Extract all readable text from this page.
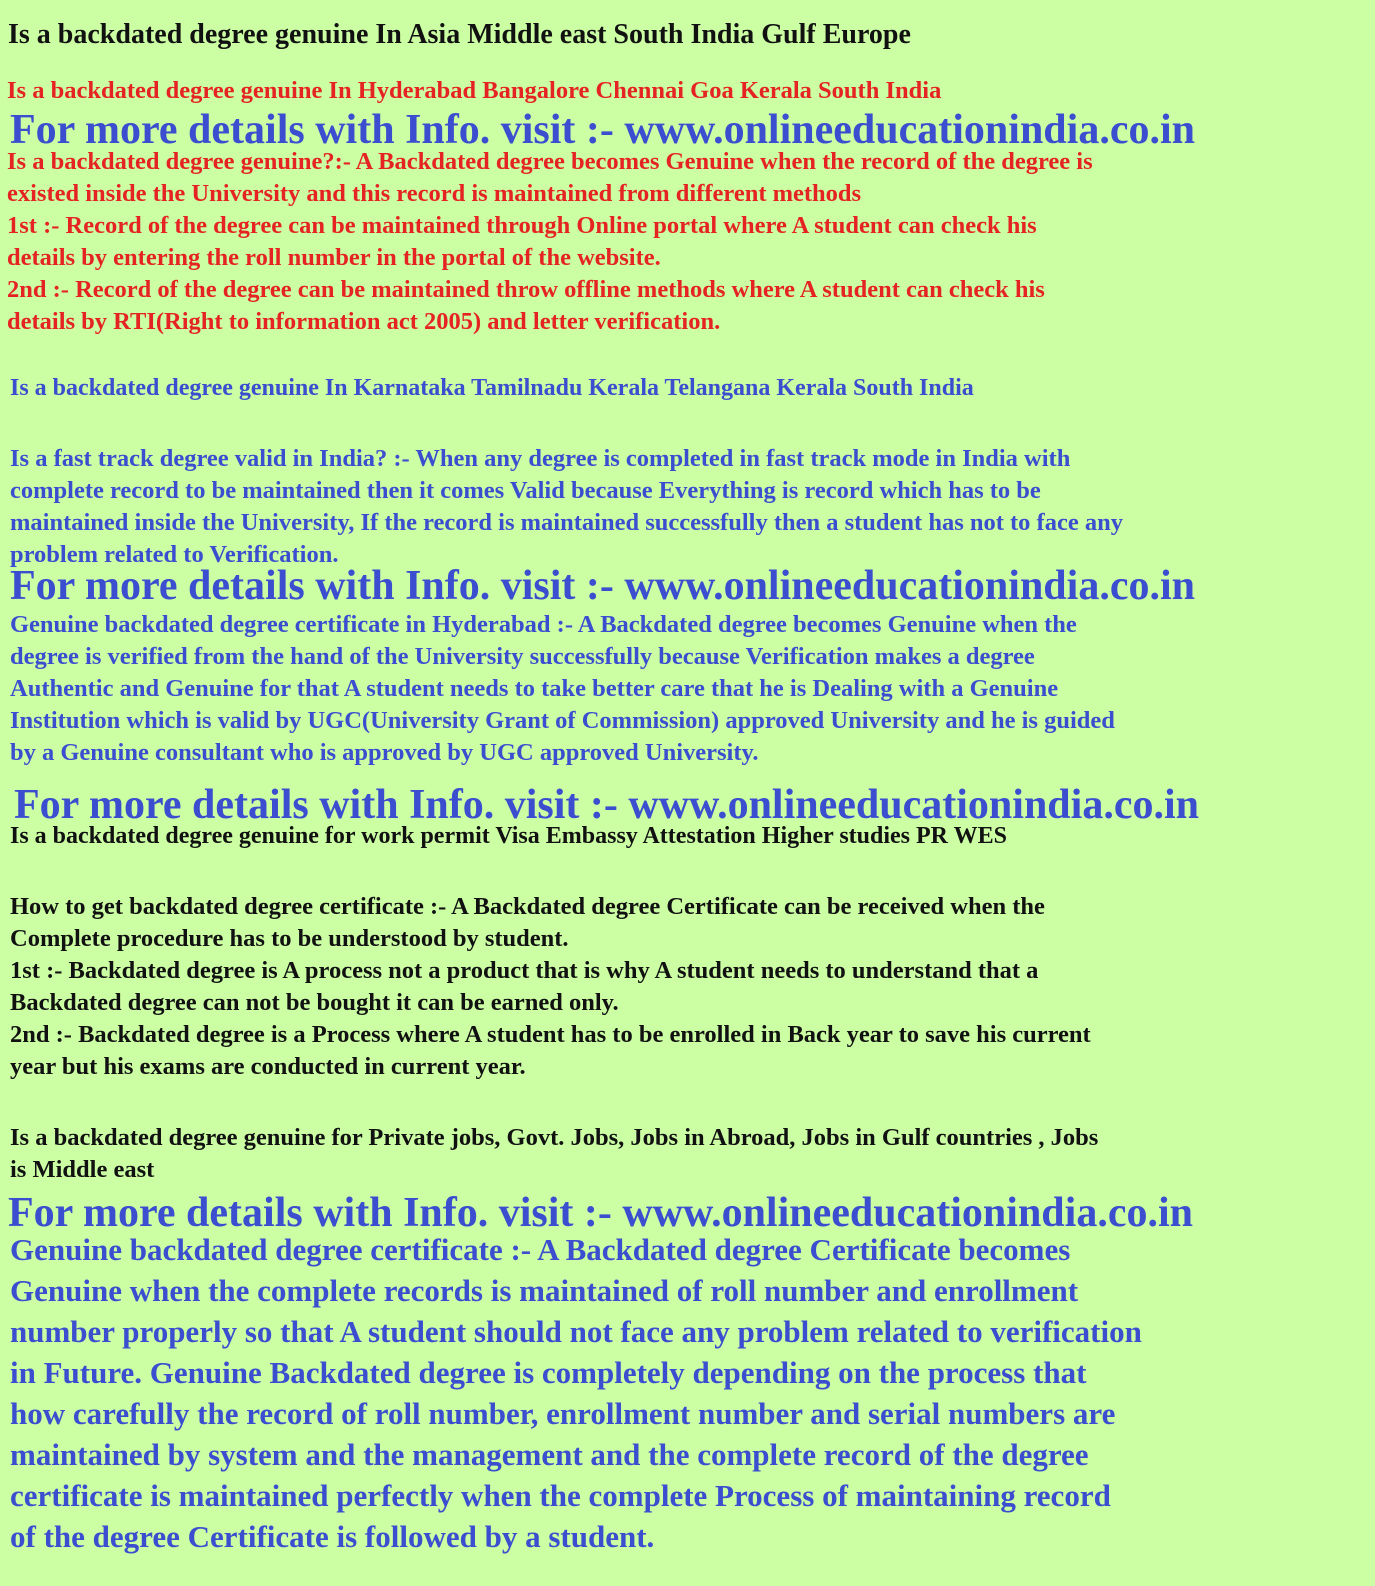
Is a backdated degree genuine In Asia Middle east South India Gulf Europe
Is a backdated degree genuine In Hyderabad Bangalore Chennai Goa Kerala South India
For more details with Info. visit :- www.onlineeducationindia.co.in

Is a backdated degree genuine?:- A Backdated degree becomes Genuine when the record of the degree is

existed inside the University and this record is maintained from different methods

1st :- Record of the degree can be maintained through Online portal where A student can check his

details by entering the roll number in the portal of the website.

2nd :- Record of the degree can be maintained throw offline methods where A student can check his

details by RTI(Right to information act 2005) and letter verification.

Is a backdated degree genuine In Karnataka Tamilnadu Kerala Telangana Kerala South India

Is a fast track degree valid in India? :- When any degree is completed in fast track mode in India with

complete record to be maintained then it comes Valid because Everything is record which has to be

maintained inside the University, If the record is maintained successfully then a student has not to face any

problem related to Verification.

For more details with Info. visit :- www.onlineeducationindia.co.in

Genuine backdated degree certificate in Hyderabad :- A Backdated degree becomes Genuine when the

degree is verified from the hand of the University successfully because Verification makes a degree

Authentic and Genuine for that A student needs to take better care that he is Dealing with a Genuine

Institution which is valid by UGC(University Grant of Commission) approved University and he is guided

by a Genuine consultant who is approved by UGC approved University.

For more details with Info. visit :- www.onlineeducationindia.co.in
Is a backdated degree genuine for work permit Visa Embassy Attestation Higher studies PR WES

How to get backdated degree certificate :- A Backdated degree Certificate can be received when the

Complete procedure has to be understood by student.

1st :- Backdated degree is A process not a product that is why A student needs to understand that a

Backdated degree can not be bought it can be earned only.

2nd :- Backdated degree is a Process where A student has to be enrolled in Back year to save his current

year but his exams are conducted in current year.

Is a backdated degree genuine for Private jobs, Govt. Jobs, Jobs in Abroad, Jobs in Gulf countries , Jobs

is Middle east

For more details with Info. visit :- www.onlineeducationindia.co.in

Genuine backdated degree certificate :- A Backdated degree Certificate becomes

Genuine when the complete records is maintained of roll number and enrollment

number properly so that A student should not face any problem related to verification

in Future. Genuine Backdated degree is completely depending on the process that

how carefully the record of roll number, enrollment number and serial numbers are

maintained by system and the management and the complete record of the degree

certificate is maintained perfectly when the complete Process of maintaining record

of the degree Certificate is followed by a student.
